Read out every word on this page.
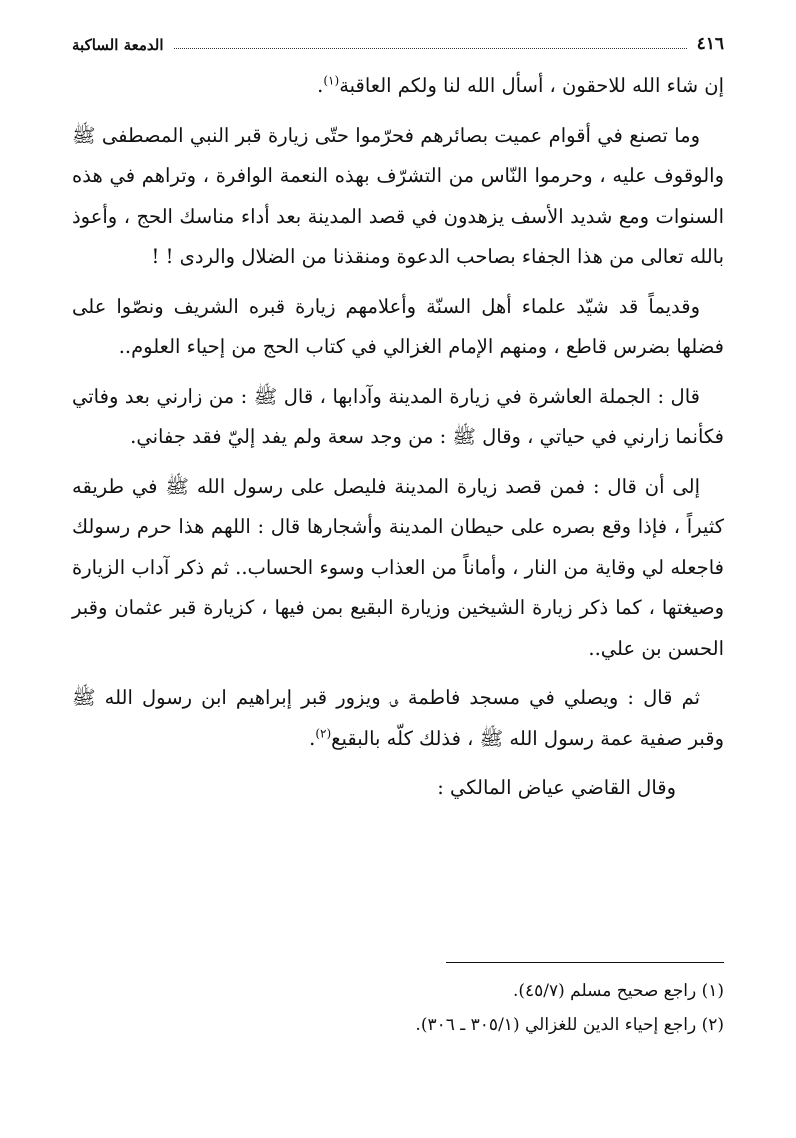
٤١٦
الدمعة الساكبة

إن شاء الله للاحقون ، أسأل الله لنا ولكم العاقبة$^{(١)}$.

وما تصنع في أقوام عميت بصائرهم فحرّموا حتّى زيارة قبر النبي المصطفى ﷺ والوقوف عليه ، وحرموا النّاس من التشرّف بهذه النعمة الوافرة ، وتراهم في هذه السنوات ومع شديد الأسف يزهدون في قصد المدينة بعد أداء مناسك الحج ، وأعوذ بالله تعالى من هذا الجفاء بصاحب الدعوة ومنقذنا من الضلال والردى ! !

وقديماً قد شيّد علماء أهل السنّة وأعلامهم زيارة قبره الشريف ونصّوا على فضلها بضرس قاطع ، ومنهم الإمام الغزالي في كتاب الحج من إحياء العلوم..

قال : الجملة العاشرة في زيارة المدينة وآدابها ، قال ﷺ : من زارني بعد وفاتي فكأنما زارني في حياتي ، وقال ﷺ : من وجد سعة ولم يفد إليّ فقد جفاني.

إلى أن قال : فمن قصد زيارة المدينة فليصل على رسول الله ﷺ في طريقه كثيراً ، فإذا وقع بصره على حيطان المدينة وأشجارها قال : اللهم هذا حرم رسولك فاجعله لي وقاية من النار ، وأماناً من العذاب وسوء الحساب.. ثم ذكر آداب الزيارة وصيغتها ، كما ذكر زيارة الشيخين وزيارة البقيع بمن فيها ، كزيارة قبر عثمان وقبر الحسن بن علي..

ثم قال : ويصلي في مسجد فاطمة ؈ ويزور قبر إبراهيم ابن رسول الله ﷺ وقبر صفية عمة رسول الله ﷺ ، فذلك كلّه بالبقيع$^{(٢)}$.

وقال القاضي عياض المالكي :

(١) راجع صحيح مسلم (٤٥/٧).
(٢) راجع إحياء الدين للغزالي (٣٠٥/١ ـ ٣٠٦).
